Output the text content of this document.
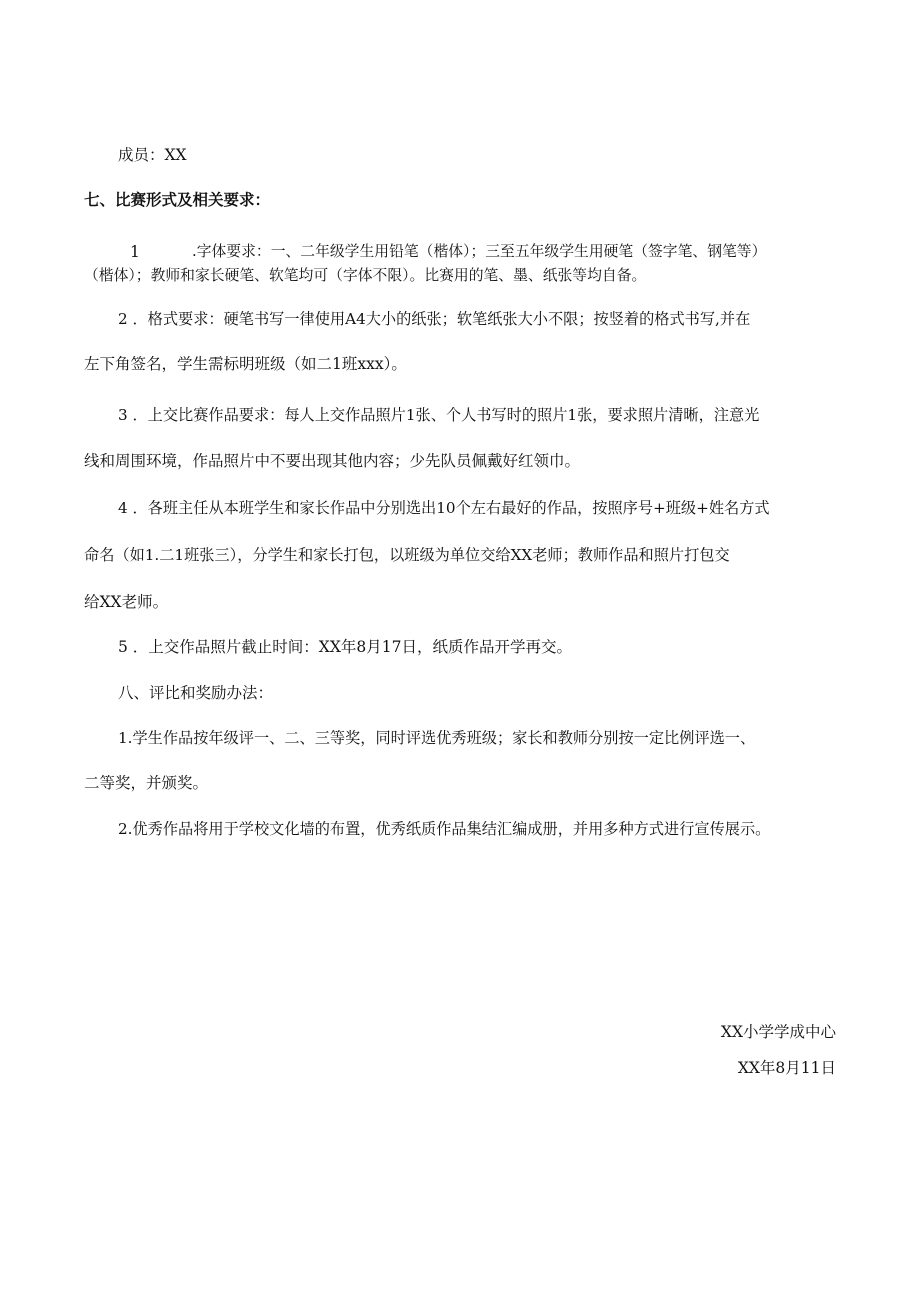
成员：XX
七、比赛形式及相关要求：
1	.字体要求：一、二年级学生用铅笔（楷体）；三至五年级学生用硬笔（签字笔、钢笔等）
（楷体）；教师和家长硬笔、软笔均可（字体不限）。比赛用的笔、墨、纸张等均自备。
2 ．格式要求：硬笔书写一律使用A4大小的纸张；软笔纸张大小不限；按竖着的格式书写,并在
左下角签名，学生需标明班级（如二1班xxx）。
3 ．上交比赛作品要求：每人上交作品照片1张、个人书写时的照片1张，要求照片清晰，注意光
线和周围环境，作品照片中不要出现其他内容；少先队员佩戴好红领巾。
4 ．各班主任从本班学生和家长作品中分别选出10个左右最好的作品，按照序号+班级+姓名方式
命名（如1.二1班张三），分学生和家长打包，以班级为单位交给XX老师；教师作品和照片打包交
给XX老师。
5 ．上交作品照片截止时间：XX年8月17日，纸质作品开学再交。
八、评比和奖励办法：
1.学生作品按年级评一、二、三等奖，同时评选优秀班级；家长和教师分别按一定比例评选一、
二等奖，并颁奖。
2.优秀作品将用于学校文化墙的布置，优秀纸质作品集结汇编成册，并用多种方式进行宣传展示。
XX小学学成中心
XX年8月11日
